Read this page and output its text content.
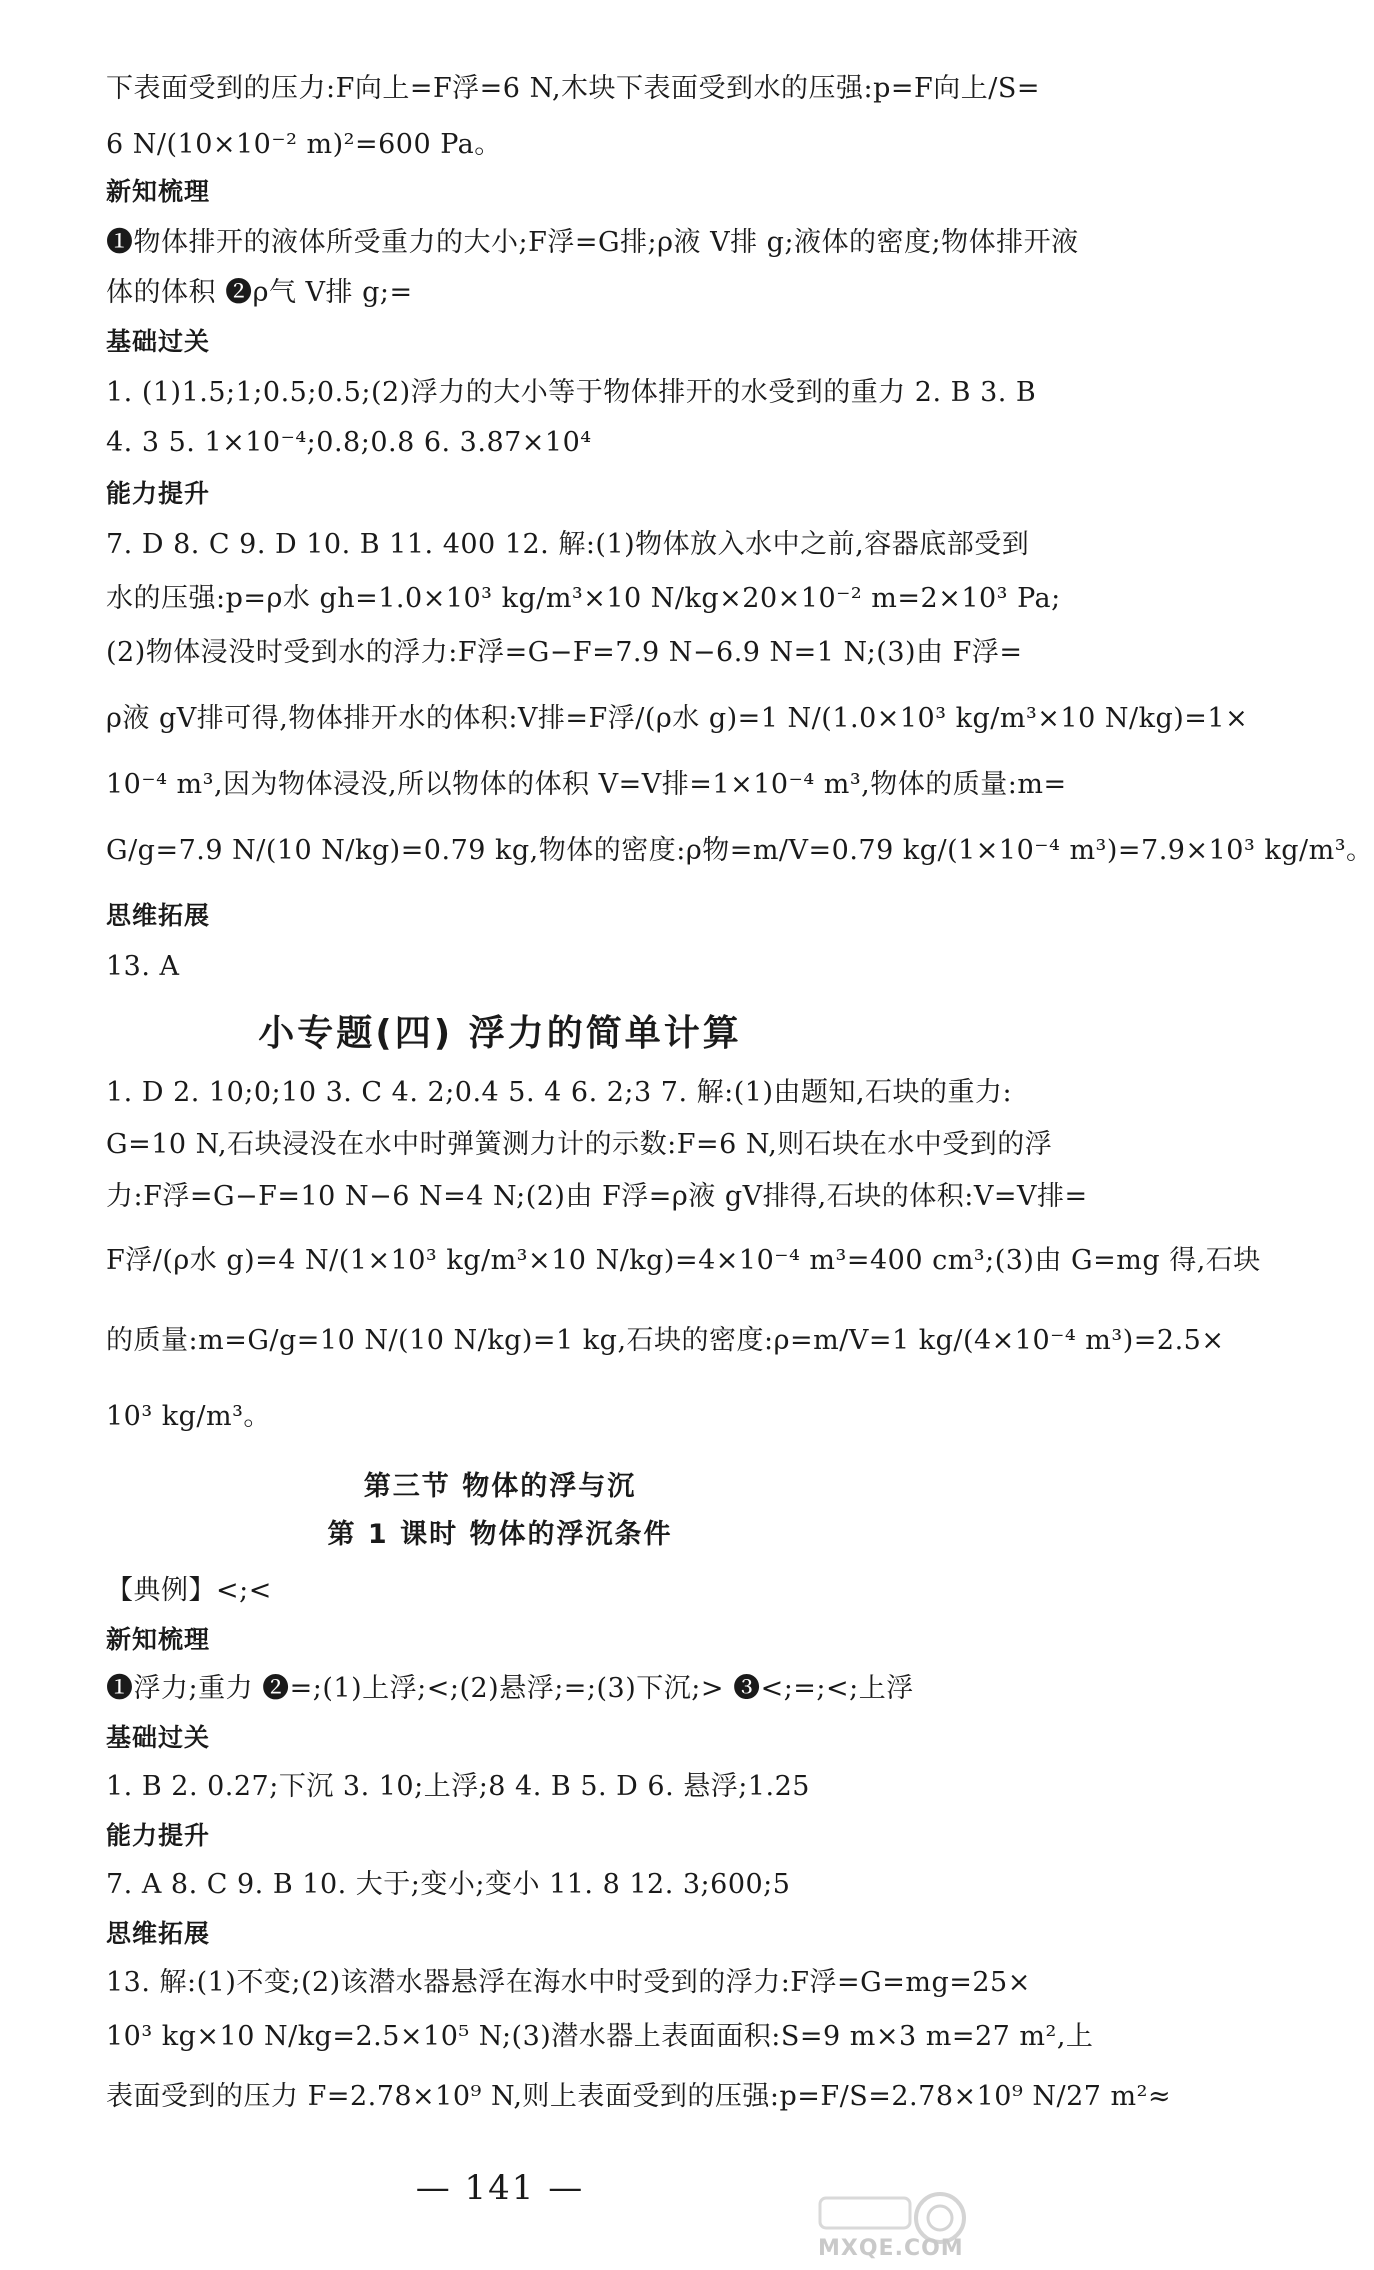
下表面受到的压力:F向上=F浮=6 N,木块下表面受到水的压强:p=F向上/S=
6 N/(10×10⁻² m)²=600 Pa。
新知梳理
❶物体排开的液体所受重力的大小;F浮=G排;ρ液 V排 g;液体的密度;物体排开液
体的体积 ❷ρ气 V排 g;=
基础过关
1. (1)1.5;1;0.5;0.5;(2)浮力的大小等于物体排开的水受到的重力 2. B 3. B
4. 3 5. 1×10⁻⁴;0.8;0.8 6. 3.87×10⁴
能力提升
7. D 8. C 9. D 10. B 11. 400 12. 解:(1)物体放入水中之前,容器底部受到
水的压强:p=ρ水 gh=1.0×10³ kg/m³×10 N/kg×20×10⁻² m=2×10³ Pa;
(2)物体浸没时受到水的浮力:F浮=G−F=7.9 N−6.9 N=1 N;(3)由 F浮=
ρ液 gV排可得,物体排开水的体积:V排=F浮/(ρ水 g)=1 N/(1.0×10³ kg/m³×10 N/kg)=1×
10⁻⁴ m³,因为物体浸没,所以物体的体积 V=V排=1×10⁻⁴ m³,物体的质量:m=
G/g=7.9 N/(10 N/kg)=0.79 kg,物体的密度:ρ物=m/V=0.79 kg/(1×10⁻⁴ m³)=7.9×10³ kg/m³。
思维拓展
13. A
小专题(四) 浮力的简单计算
1. D 2. 10;0;10 3. C 4. 2;0.4 5. 4 6. 2;3 7. 解:(1)由题知,石块的重力:
G=10 N,石块浸没在水中时弹簧测力计的示数:F=6 N,则石块在水中受到的浮
力:F浮=G−F=10 N−6 N=4 N;(2)由 F浮=ρ液 gV排得,石块的体积:V=V排=
F浮/(ρ水 g)=4 N/(1×10³ kg/m³×10 N/kg)=4×10⁻⁴ m³=400 cm³;(3)由 G=mg 得,石块
的质量:m=G/g=10 N/(10 N/kg)=1 kg,石块的密度:ρ=m/V=1 kg/(4×10⁻⁴ m³)=2.5×
10³ kg/m³。
第三节 物体的浮与沉
第 1 课时 物体的浮沉条件
【典例】<;<
新知梳理
❶浮力;重力 ❷=;(1)上浮;<;(2)悬浮;=;(3)下沉;> ❸<;=;<;上浮
基础过关
1. B 2. 0.27;下沉 3. 10;上浮;8 4. B 5. D 6. 悬浮;1.25
能力提升
7. A 8. C 9. B 10. 大于;变小;变小 11. 8 12. 3;600;5
思维拓展
13. 解:(1)不变;(2)该潜水器悬浮在海水中时受到的浮力:F浮=G=mg=25×
10³ kg×10 N/kg=2.5×10⁵ N;(3)潜水器上表面面积:S=9 m×3 m=27 m²,上
表面受到的压力 F=2.78×10⁹ N,则上表面受到的压强:p=F/S=2.78×10⁹ N/27 m²≈
— 141 —
MXQE.COM
